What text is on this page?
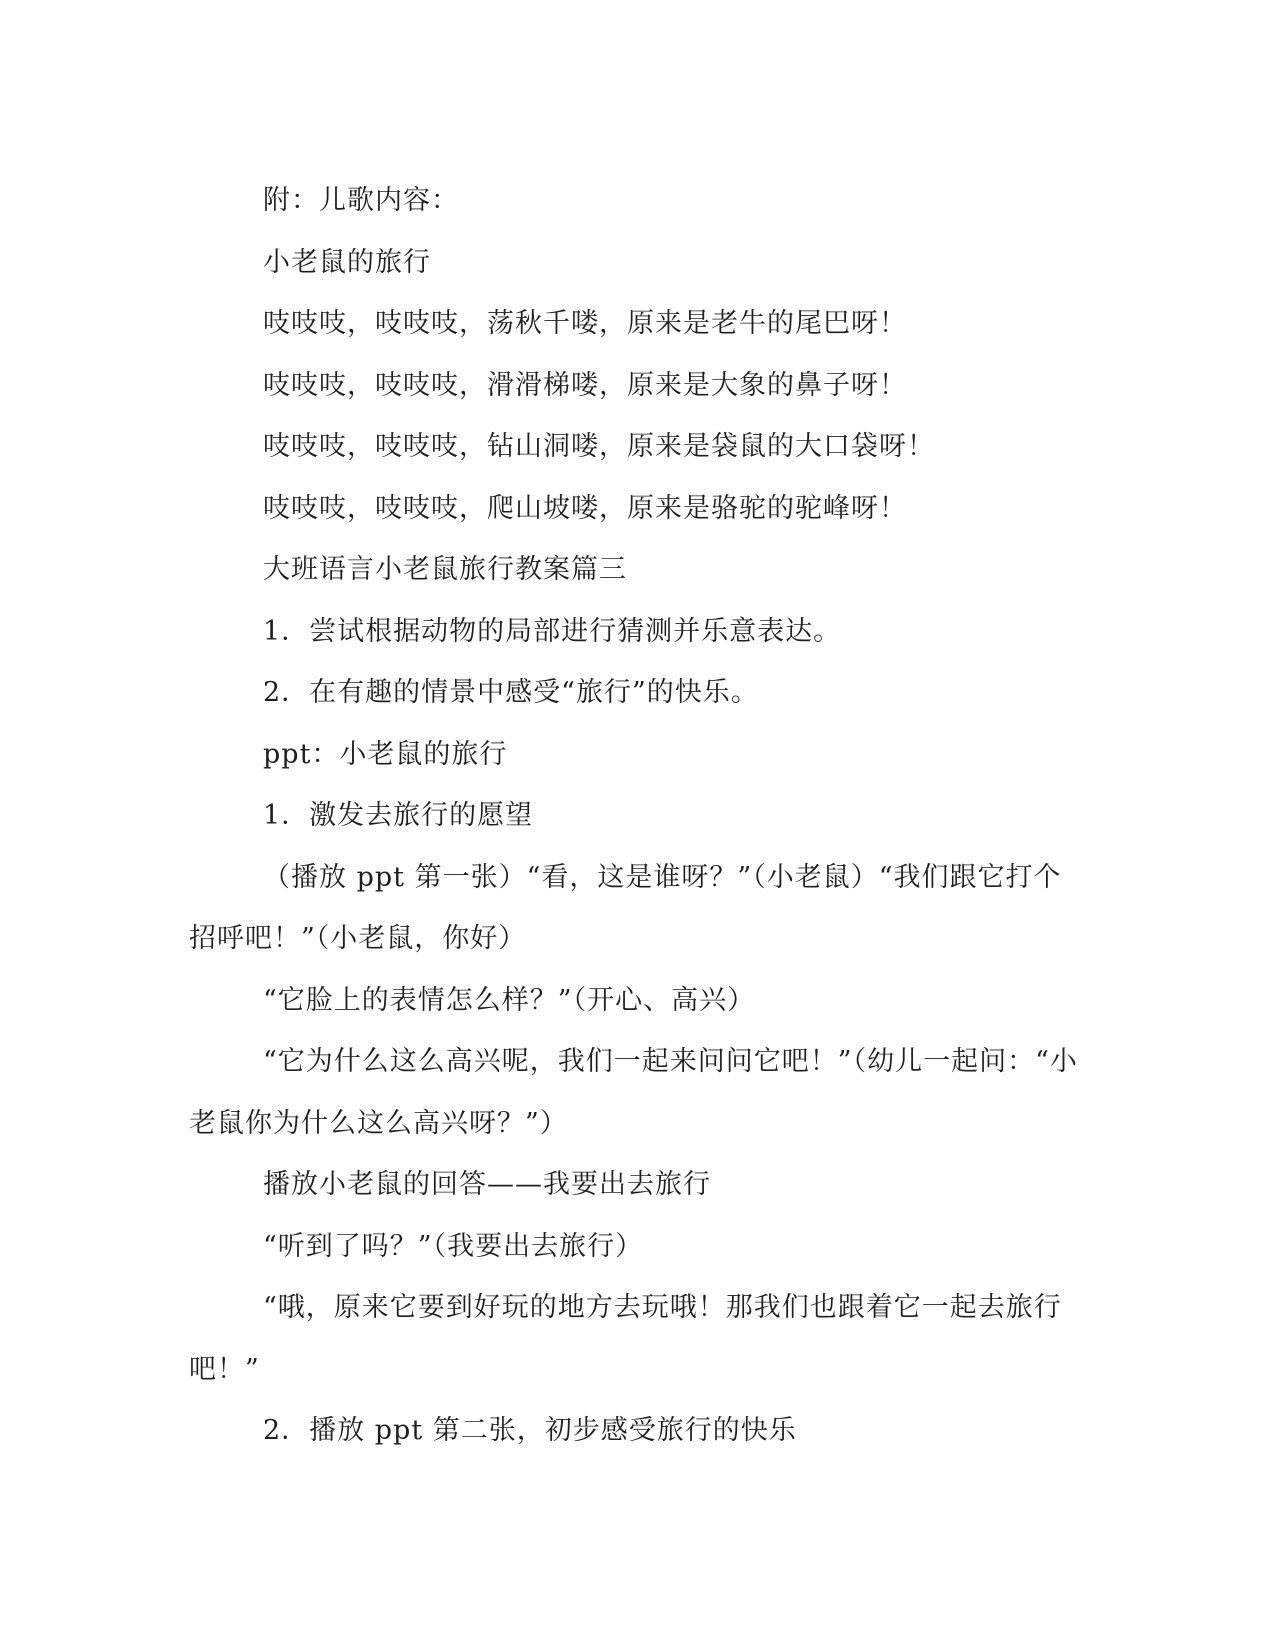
附：儿歌内容：

小老鼠的旅行

吱吱吱，吱吱吱，荡秋千喽，原来是老牛的尾巴呀！

吱吱吱，吱吱吱，滑滑梯喽，原来是大象的鼻子呀！

吱吱吱，吱吱吱，钻山洞喽，原来是袋鼠的大口袋呀！

吱吱吱，吱吱吱，爬山坡喽，原来是骆驼的驼峰呀！

大班语言小老鼠旅行教案篇三

1．尝试根据动物的局部进行猜测并乐意表达。

2．在有趣的情景中感受“旅行”的快乐。

ppt：小老鼠的旅行

1．激发去旅行的愿望

（播放 ppt 第一张）“看，这是谁呀？”（小老鼠）“我们跟它打个招呼吧！”（小老鼠，你好）

“它脸上的表情怎么样？”（开心、高兴）

“它为什么这么高兴呢，我们一起来问问它吧！”（幼儿一起问：“小老鼠你为什么这么高兴呀？”）

播放小老鼠的回答——我要出去旅行

“听到了吗？”（我要出去旅行）

“哦，原来它要到好玩的地方去玩哦！那我们也跟着它一起去旅行吧！”

2．播放 ppt 第二张，初步感受旅行的快乐
